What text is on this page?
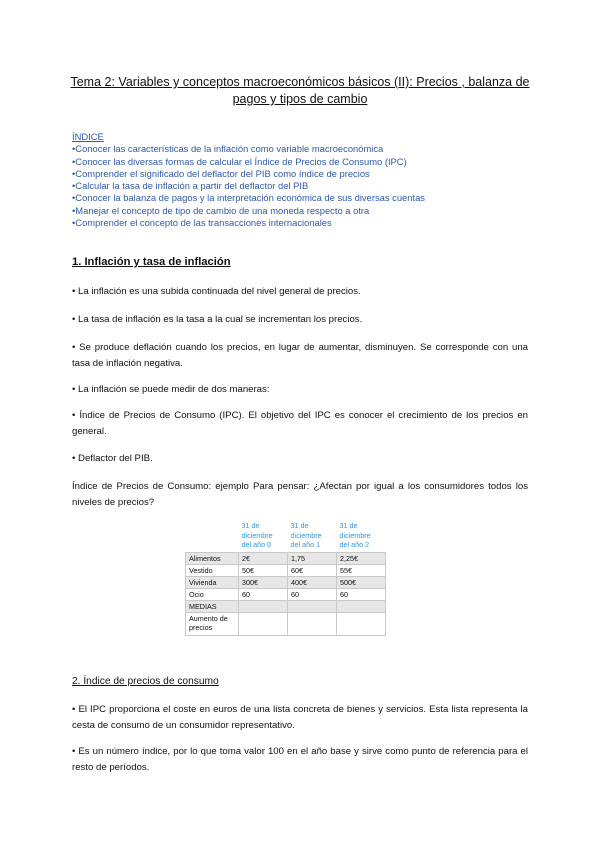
Tema 2: Variables y conceptos macroeconómicos básicos (II): Precios , balanza de pagos y tipos de cambio
ÍNDICE
• Conocer las características de la inflación como variable macroeconómica
• Conocer las diversas formas de calcular el Índice de Precios de Consumo (IPC)
• Comprender el significado del deflactor del PIB como índice de precios
• Calcular la tasa de inflación a partir del deflactor del PIB
• Conocer la balanza de pagos y la interpretación económica de sus diversas cuentas
• Manejar el concepto de tipo de cambio de una moneda respecto a otra
• Comprender el concepto de las transacciones internacionales
1. Inflación y tasa de inflación
• La inflación es una subida continuada del nivel general de precios.
• La tasa de inflación es la tasa a la cual se incrementan los precios.
• Se produce deflación cuando los precios, en lugar de aumentar, disminuyen. Se corresponde con una tasa de inflación negativa.
• La inflación se puede medir de dos maneras:
• Índice de Precios de Consumo (IPC). El objetivo del IPC es conocer el crecimiento de los precios en general.
• Deflactor del PIB.
Índice de Precios de Consumo: ejemplo Para pensar: ¿Afectan por igual a los consumidores todos los niveles de precios?
	31 de diciembre del año 0	31 de diciembre del año 1	31 de diciembre del año 2
Alimentos	2€	1,75	2,25€
Vestido	50€	60€	55€
Vivienda	300€	400€	500€
Ocio	60	60	60
MEDIAS			
Aumento de precios			
2. Índice de precios de consumo
• El IPC proporciona el coste en euros de una lista concreta de bienes y servicios. Esta lista representa la cesta de consumo de un consumidor representativo.
• Es un número índice, por lo que toma valor 100 en el año base y sirve como punto de referencia para el resto de períodos.
